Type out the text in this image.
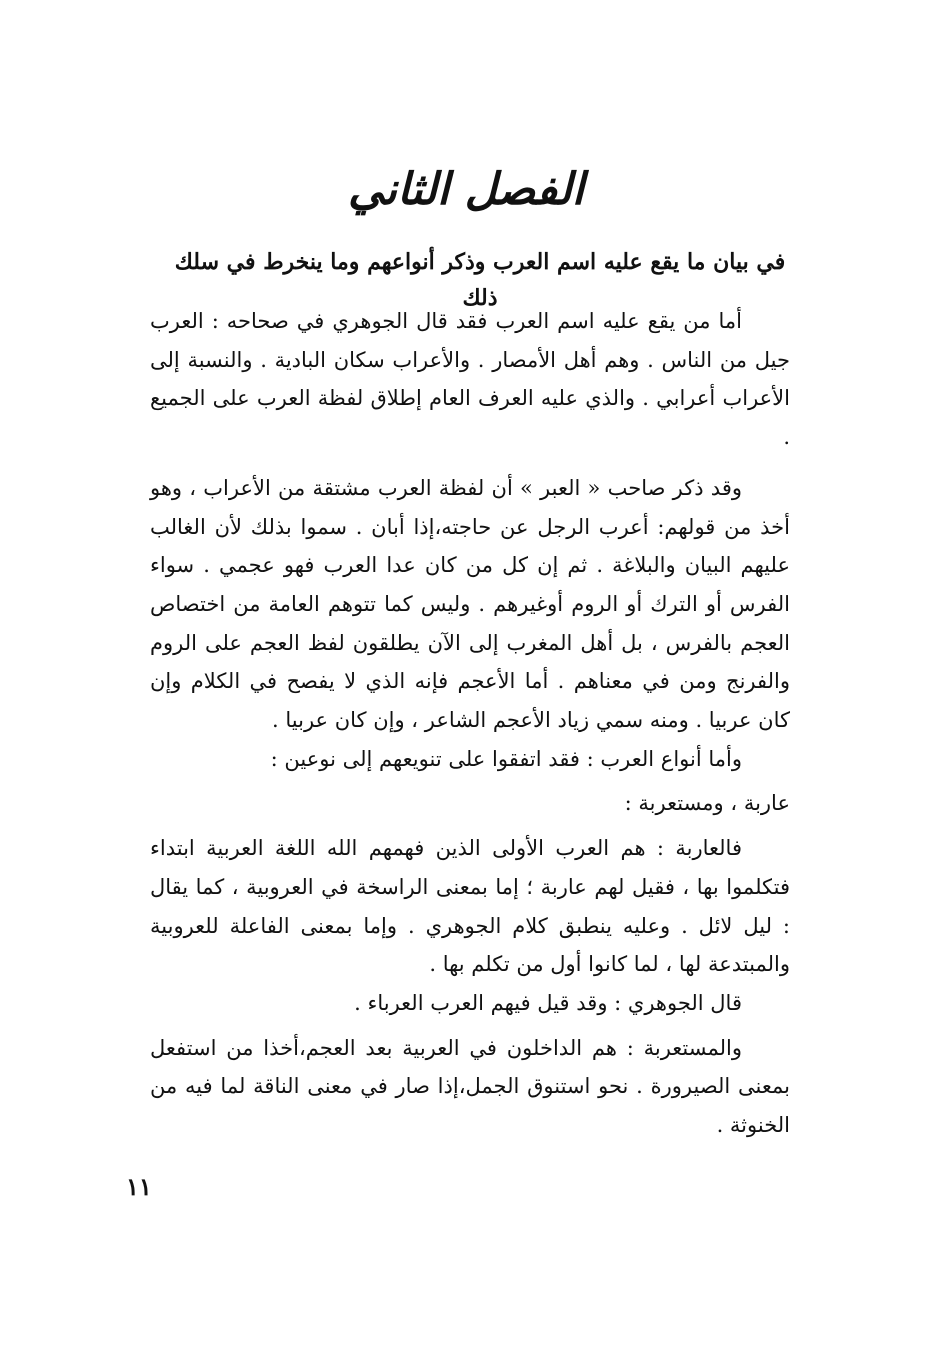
الفصل الثاني
في بيان ما يقع عليه اسم العرب وذكر أنواعهم وما ينخرط في سلك ذلك

أما من يقع عليه اسم العرب فقد قال الجوهري في صحاحه : العرب جيل من الناس . وهم أهل الأمصار . والأعراب سكان البادية . والنسبة إلى الأعراب أعرابي . والذي عليه العرف العام إطلاق لفظة العرب على الجميع .

وقد ذكر صاحب « العبر » أن لفظة العرب مشتقة من الأعراب ، وهو أخذ من قولهم: أعرب الرجل عن حاجته،إذا أبان . سموا بذلك لأن الغالب عليهم البيان والبلاغة . ثم إن كل من كان عدا العرب فهو عجمي . سواء الفرس أو الترك أو الروم أوغيرهم . وليس كما تتوهم العامة من اختصاص العجم بالفرس ، بل أهل المغرب إلى الآن يطلقون لفظ العجم على الروم والفرنج ومن في معناهم . أما الأعجم فإنه الذي لا يفصح في الكلام وإن كان عربيا . ومنه سمي زياد الأعجم الشاعر ، وإن كان عربيا .

وأما أنواع العرب : فقد اتفقوا على تنويعهم إلى نوعين :

عاربة ، ومستعربة :

فالعاربة : هم العرب الأولى الذين فهمهم الله اللغة العربية ابتداء فتكلموا بها ، فقيل لهم عاربة ؛ إما بمعنى الراسخة في العروبية ، كما يقال : ليل لائل . وعليه ينطبق كلام الجوهري . وإما بمعنى الفاعلة للعروبية والمبتدعة لها ، لما كانوا أول من تكلم بها .

قال الجوهري : وقد قيل فيهم العرب العرباء .

والمستعربة : هم الداخلون في العربية بعد العجم،أخذا من استفعل بمعنى الصيرورة . نحو استنوق الجمل،إذا صار في معنى الناقة لما فيه من الخنوثة .

١١
